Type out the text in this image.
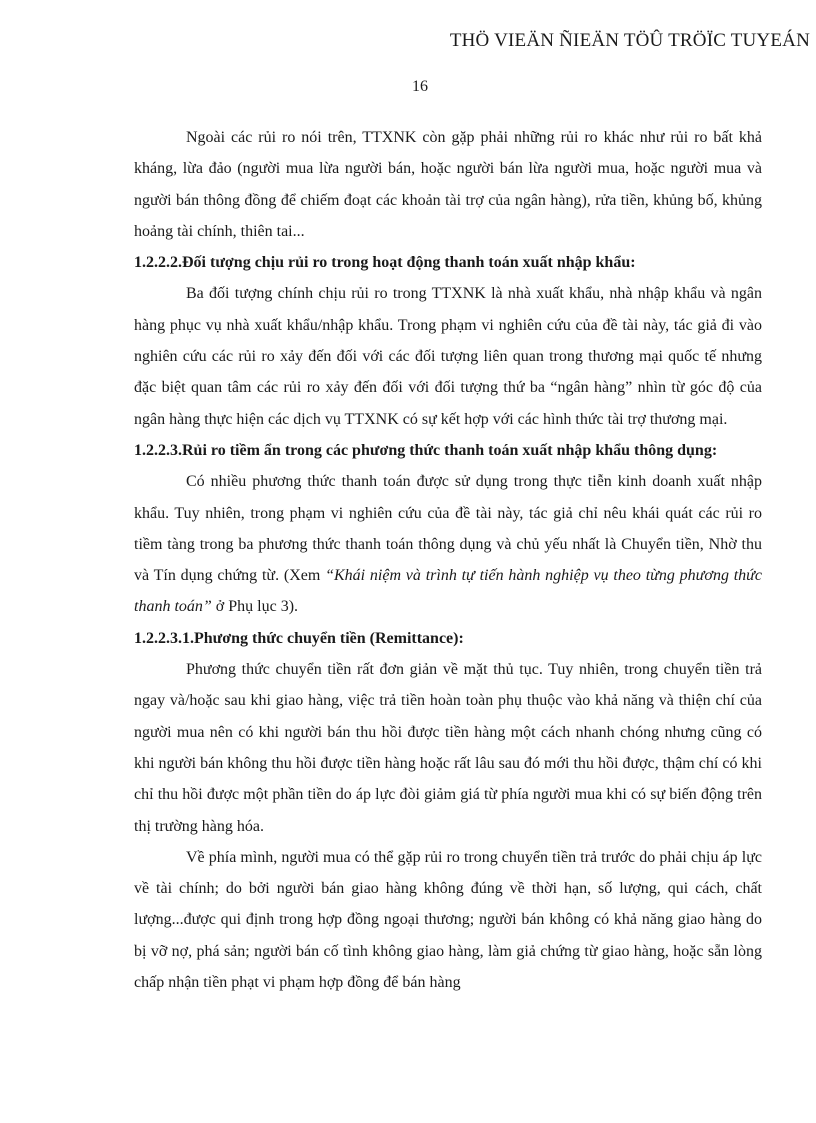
THÖ VIEÄN ÑIEÄN TÖÛ TRÖÏC TUYEÁN
16

Ngoài các rủi ro nói trên, TTXNK còn gặp phải những rủi ro khác như rủi ro bất khả kháng, lừa đảo (người mua lừa người bán, hoặc người bán lừa người mua, hoặc người mua và người bán thông đồng để chiếm đoạt các khoản tài trợ của ngân hàng), rửa tiền, khủng bố, khủng hoảng tài chính, thiên tai...

1.2.2.2.Đối tượng chịu rủi ro trong hoạt động thanh toán xuất nhập khẩu:

Ba đối tượng chính chịu rủi ro trong TTXNK là nhà xuất khẩu, nhà nhập khẩu và ngân hàng phục vụ nhà xuất khẩu/nhập khẩu. Trong phạm vi nghiên cứu của đề tài này, tác giả đi vào nghiên cứu các rủi ro xảy đến đối với các đối tượng liên quan trong thương mại quốc tế nhưng đặc biệt quan tâm các rủi ro xảy đến đối với đối tượng thứ ba “ngân hàng” nhìn từ góc độ của ngân hàng thực hiện các dịch vụ TTXNK có sự kết hợp với các hình thức tài trợ thương mại.

1.2.2.3.Rủi ro tiềm ẩn trong các phương thức thanh toán xuất nhập khẩu thông dụng:

Có nhiều phương thức thanh toán được sử dụng trong thực tiễn kinh doanh xuất nhập khẩu. Tuy nhiên, trong phạm vi nghiên cứu của đề tài này, tác giả chỉ nêu khái quát các rủi ro tiềm tàng trong ba phương thức thanh toán thông dụng và chủ yếu nhất là Chuyển tiền, Nhờ thu và Tín dụng chứng từ. (Xem “Khái niệm và trình tự tiến hành nghiệp vụ theo từng phương thức thanh toán” ở Phụ lục 3).

1.2.2.3.1.Phương thức chuyển tiền (Remittance):

Phương thức chuyển tiền rất đơn giản về mặt thủ tục. Tuy nhiên, trong chuyển tiền trả ngay và/hoặc sau khi giao hàng, việc trả tiền hoàn toàn phụ thuộc vào khả năng và thiện chí của người mua nên có khi người bán thu hồi được tiền hàng một cách nhanh chóng nhưng cũng có khi người bán không thu hồi được tiền hàng hoặc rất lâu sau đó mới thu hồi được, thậm chí có khi chỉ thu hồi được một phần tiền do áp lực đòi giảm giá từ phía người mua khi có sự biến động trên thị trường hàng hóa.

Về phía mình, người mua có thể gặp rủi ro trong chuyển tiền trả trước do phải chịu áp lực về tài chính; do bởi người bán giao hàng không đúng về thời hạn, số lượng, qui cách, chất lượng...được qui định trong hợp đồng ngoại thương; người bán không có khả năng giao hàng do bị vỡ nợ, phá sản; người bán cố tình không giao hàng, làm giả chứng từ giao hàng, hoặc sẵn lòng chấp nhận tiền phạt vi phạm hợp đồng để bán hàng
